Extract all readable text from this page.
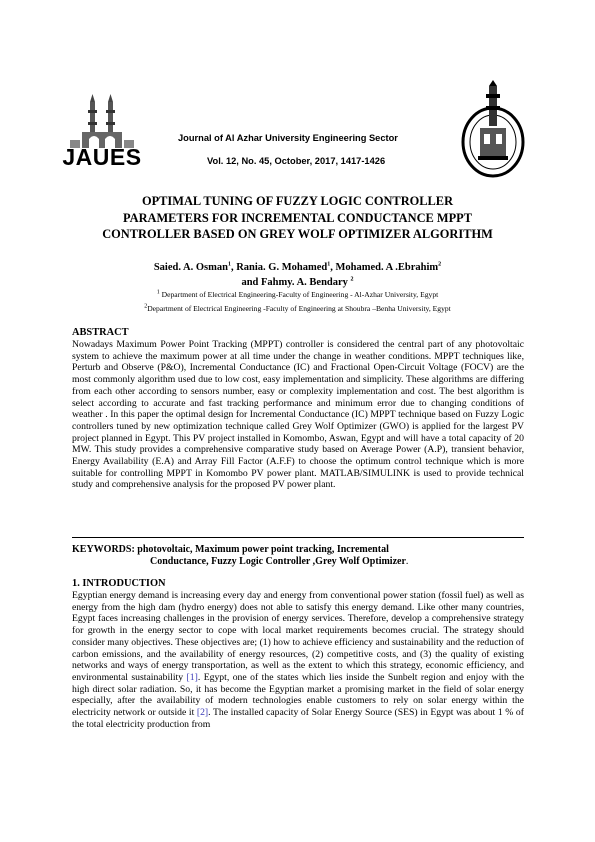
JAUES
Journal of Al Azhar University Engineering Sector
Vol. 12, No. 45, October, 2017, 1417-1426
OPTIMAL TUNING OF FUZZY LOGIC CONTROLLER
PARAMETERS FOR INCREMENTAL CONDUCTANCE MPPT
CONTROLLER BASED ON GREY WOLF OPTIMIZER ALGORITHM
Saied. A. Osman$^1$, Rania. G. Mohamed$^1$, Mohamed. A .Ebrahim$^2$
and Fahmy. A. Bendary $^2$
$^1$ Department of Electrical Engineering-Faculty of Engineering - Al-Azhar University, Egypt
$^2$Department of Electrical Engineering -Faculty of Engineering at Shoubra –Benha University, Egypt
ABSTRACT
Nowadays Maximum Power Point Tracking (MPPT) controller is considered the central part of any photovoltaic system to achieve the maximum power at all time under the change in weather conditions. MPPT techniques like, Perturb and Observe (P&O), Incremental Conductance (IC) and Fractional Open-Circuit Voltage (FOCV) are the most commonly algorithm used due to low cost, easy implementation and simplicity. These algorithms are differing from each other according to sensors number, easy or complexity implementation and cost. The best algorithm is select according to accurate and fast tracking performance and minimum error due to changing conditions of weather . In this paper the optimal design for Incremental Conductance (IC) MPPT technique based on Fuzzy Logic controllers tuned by new optimization technique called Grey Wolf Optimizer (GWO) is applied for the largest PV project planned in Egypt. This PV project installed in Komombo, Aswan, Egypt and will have a total capacity of 20 MW. This study provides a comprehensive comparative study based on Average Power (A.P), transient behavior, Energy Availability (E.A) and Array Fill Factor (A.F.F) to choose the optimum control technique which is more suitable for controlling MPPT in Komombo PV power plant. MATLAB/SIMULINK is used to provide technical study and comprehensive analysis for the proposed PV power plant.
KEYWORDS: photovoltaic, Maximum power point tracking, Incremental
Conductance, Fuzzy Logic Controller ,Grey Wolf Optimizer.
1. INTRODUCTION
Egyptian energy demand is increasing every day and energy from conventional power station (fossil fuel) as well as energy from the high dam (hydro energy) does not able to satisfy this energy demand. Like other many countries, Egypt faces increasing challenges in the provision of energy services. Therefore, develop a comprehensive strategy for growth in the energy sector to cope with local market requirements becomes crucial. The strategy should consider many objectives. These objectives are; (1) how to achieve efficiency and sustainability and the reduction of carbon emissions, and the availability of energy resources, (2) competitive costs, and (3) the quality of existing networks and ways of energy transportation, as well as the extent to which this strategy, economic efficiency, and environmental sustainability [1]. Egypt, one of the states which lies inside the Sunbelt region and enjoy with the high direct solar radiation. So, it has become the Egyptian market a promising market in the field of solar energy especially, after the availability of modern technologies enable customers to rely on solar energy within the electricity network or outside it [2]. The installed capacity of Solar Energy Source (SES) in Egypt was about 1 % of the total electricity production from
